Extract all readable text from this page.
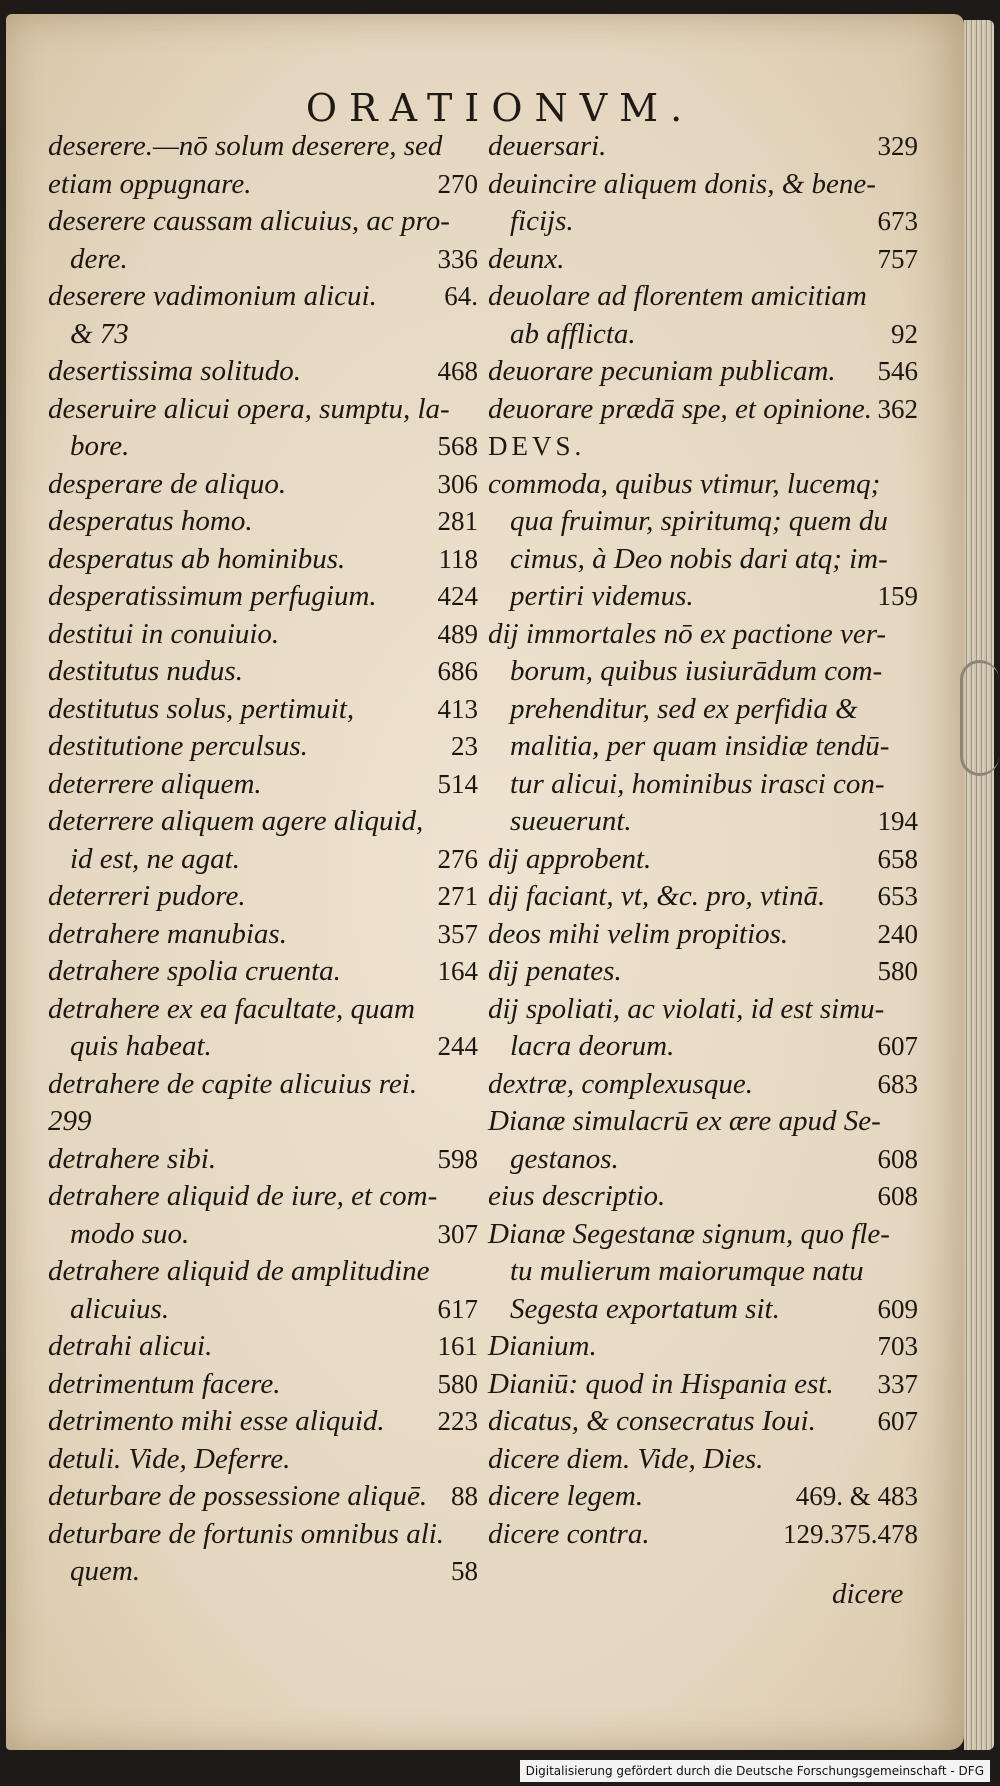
ORATIONVM.
deserere.—nō solum deserere, sed
etiam oppugnare.	270
deserere caussam alicuius, ac pro-
dere.	336
deserere vadimonium alicui. 64.
& 73
desertissima solitudo.	468
deseruire alicui opera, sumptu, la-
bore.	568
desperare de aliquo.	306
desperatus homo.	281
desperatus ab hominibus.	118
desperatissimum perfugium. 424
destitui in conuiuio.	489
destitutus nudus.	686
destitutus solus, pertimuit,	413
destitutione perculsus.	23
deterrere aliquem.	514
deterrere aliquem agere aliquid,
id est, ne agat.	276
deterreri pudore.	271
detrahere manubias.	357
detrahere spolia cruenta.	164
detrahere ex ea facultate, quam
quis habeat.	244
detrahere de capite alicuius rei.
299
detrahere sibi.	598
detrahere aliquid de iure, et com-
modo suo.	307
detrahere aliquid de amplitudine
alicuius.	617
detrahi alicui.	161
detrimentum facere.	580
detrimento mihi esse aliquid. 223
detuli. Vide, Deferre.
deturbare de possessione aliquē. 88
deturbare de fortunis omnibus ali.
quem.	58
deuersari.	329
deuincire aliquem donis, & bene-
ficijs.	673
deunx.	757
deuolare ad florentem amicitiam
ab afflicta.	92
deuorare pecuniam publicam. 546
deuorare prædā spe, et opinione. 362
DEVS.
commoda, quibus vtimur, lucemq;
qua fruimur, spiritumq; quem du
cimus, à Deo nobis dari atq; im-
pertiri videmus.	159
dij immortales nō ex pactione ver-
borum, quibus iusiurādum com-
prehenditur, sed ex perfidia &
malitia, per quam insidiæ tendū-
tur alicui, hominibus irasci con-
sueuerunt.	194
dij approbent.	658
dij faciant, vt, &c. pro, vtinā. 653
deos mihi velim propitios.	240
dij penates.	580
dij spoliati, ac violati, id est simu-
lacra deorum.	607
dextræ, complexusque.	683
Dianæ simulacrū ex ære apud Se-
gestanos.	608
eius descriptio.	608
Dianæ Segestanæ signum, quo fle-
tu mulierum maiorumque natu
Segesta exportatum sit.	609
Dianium.	703
Dianiū: quod in Hispania est. 337
dicatus, & consecratus Ioui. 607
dicere diem. Vide, Dies.
dicere legem.	469. & 483
dicere contra.	129.375.478
dicere
Digitalisierung gefördert durch die Deutsche Forschungsgemeinschaft - DFG
